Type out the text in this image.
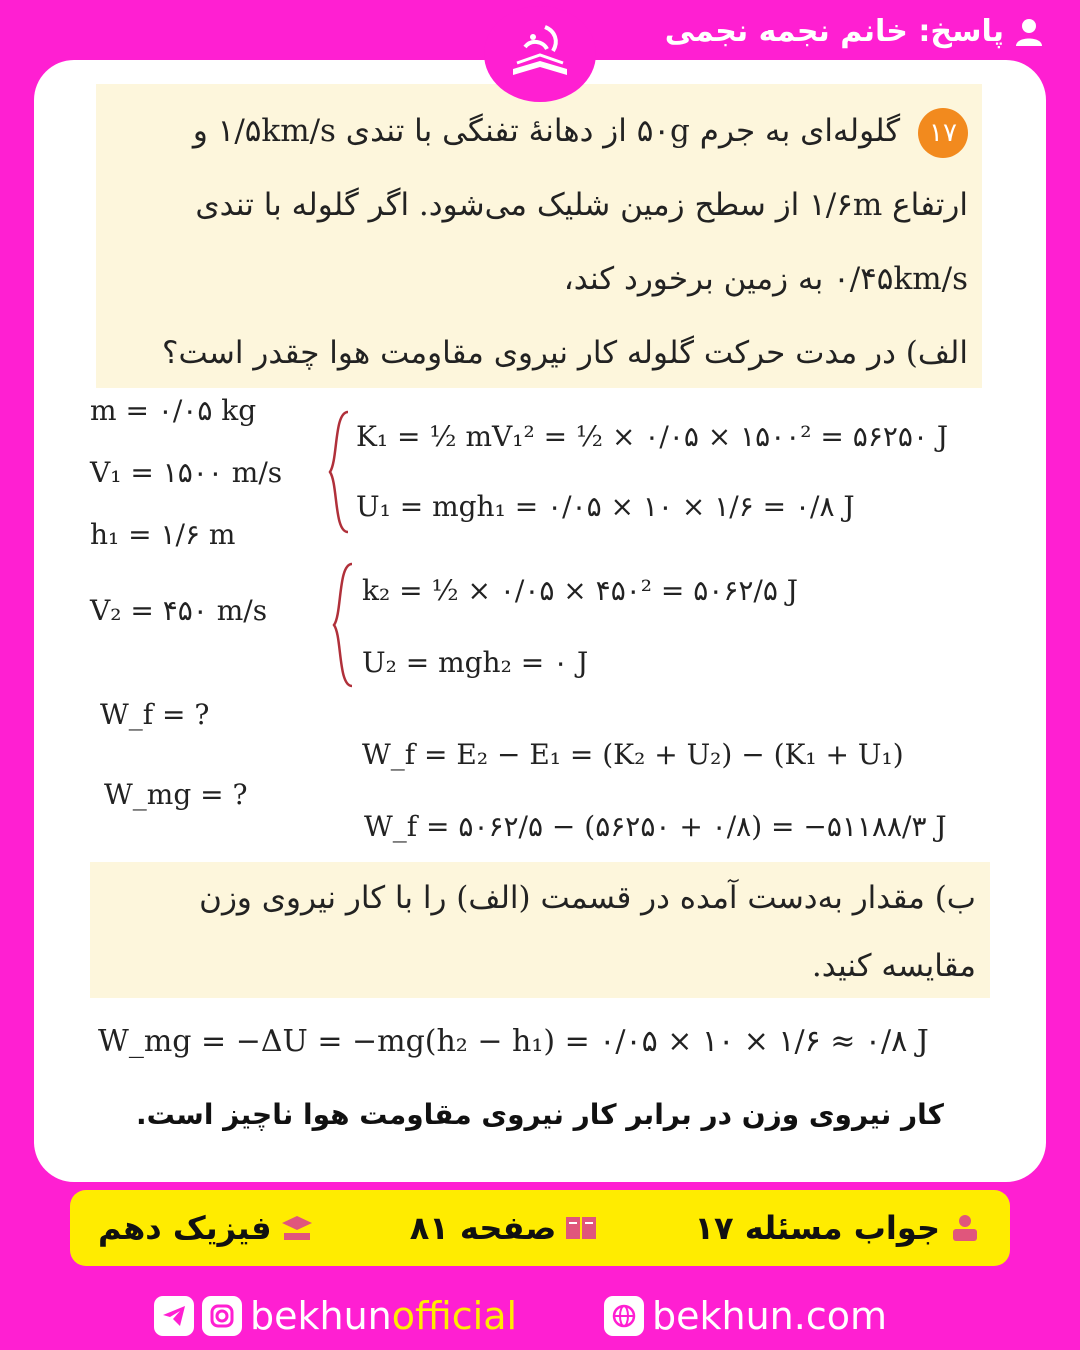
پاسخ: خانم نجمه نجمی
۱۷ گلوله‌ای به جرم ۵۰g از دهانهٔ تفنگی با تندی ۱/۵km/s و
ارتفاع ۱/۶m از سطح زمین شلیک می‌شود. اگر گلوله با تندی
۰/۴۵km/s به زمین برخورد کند،
الف) در مدت حرکت گلوله کار نیروی مقاومت هوا چقدر است؟
m = ۰/۰۵ kg
V₁ = ۱۵۰۰ m/s
h₁ = ۱/۶ m
V₂ = ۴۵۰ m/s
W_f = ?
W_mg = ?
K₁ = ½ mV₁² = ½ × ۰/۰۵ × ۱۵۰۰² = ۵۶۲۵۰ J
U₁ = mgh₁ = ۰/۰۵ × ۱۰ × ۱/۶ = ۰/۸ J
k₂ = ½ × ۰/۰۵ × ۴۵۰² = ۵۰۶۲/۵ J
U₂ = mgh₂ = ۰ J
W_f = E₂ − E₁ = (K₂ + U₂) − (K₁ + U₁)
W_f = ۵۰۶۲/۵ − (۵۶۲۵۰ + ۰/۸) = −۵۱۱۸۸/۳ J
ب) مقدار به‌دست آمده در قسمت (الف) را با کار نیروی وزن
مقایسه کنید.
W_mg = −ΔU = −mg(h₂ − h₁) = ۰/۰۵ × ۱۰ × ۱/۶ ≈ ۰/۸ J
کار نیروی وزن در برابر کار نیروی مقاومت هوا ناچیز است.
جواب مسئله ۱۷
صفحه ۸۱
فیزیک دهم
bekhunofficial	bekhun.com
